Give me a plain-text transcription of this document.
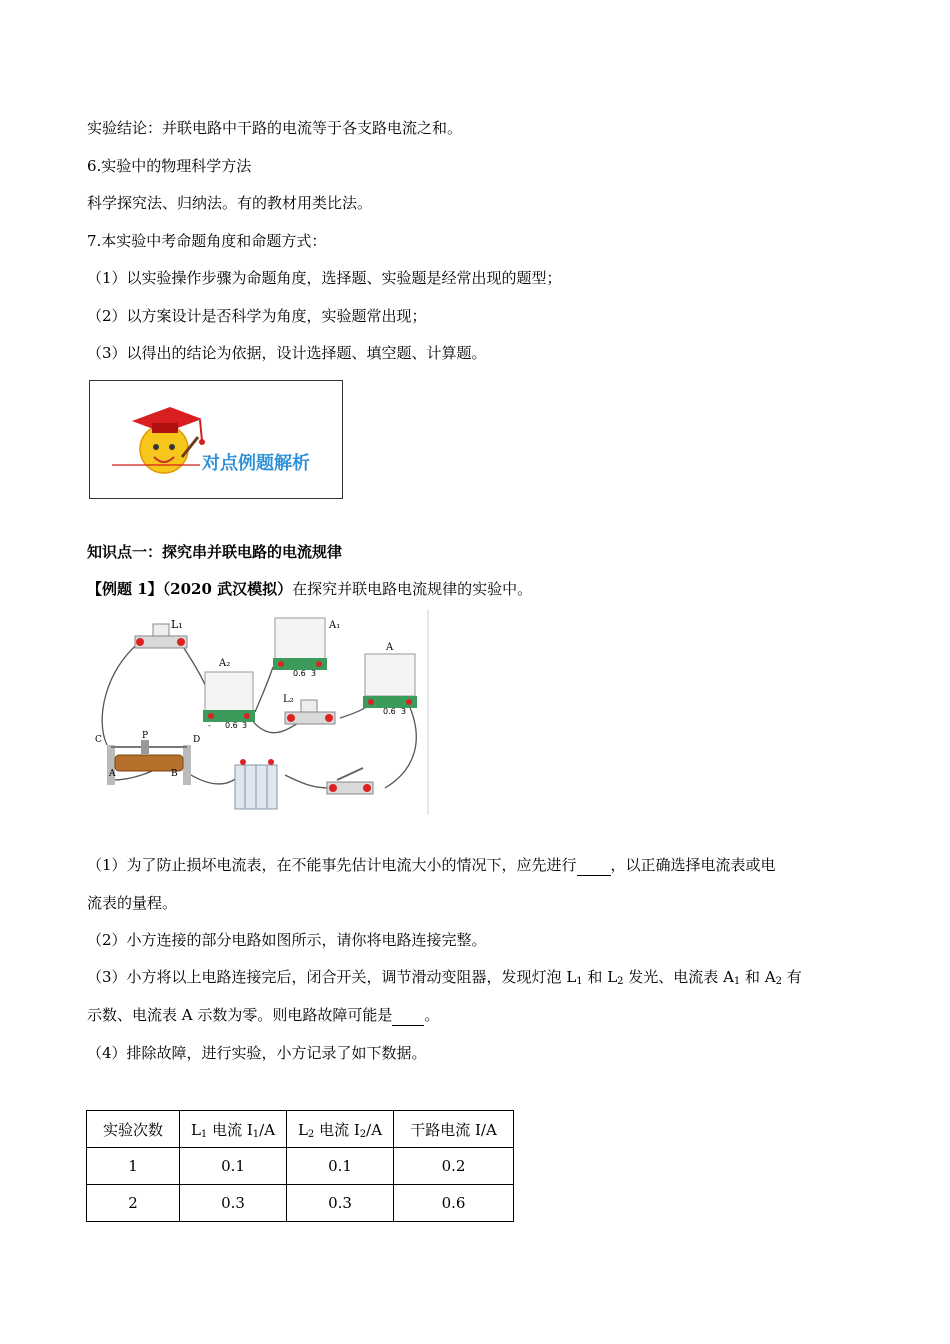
实验结论：并联电路中干路的电流等于各支路电流之和。
6.实验中的物理科学方法
科学探究法、归纳法。有的教材用类比法。
7.本实验中考命题角度和命题方式：
（1）以实验操作步骤为命题角度，选择题、实验题是经常出现的题型；
（2）以方案设计是否科学为角度，实验题常出现；
（3）以得出的结论为依据，设计选择题、填空题、计算题。
对点例题解析
知识点一：探究串并联电路的电流规律
【例题 1】（2020 武汉模拟）在探究并联电路电流规律的实验中。
L₁
A₂
- 0.6 3
A₁
0.6 3
A
0.6 3
L₂
C	D
P
A	B
（1）为了防止损坏电流表，在不能事先估计电流大小的情况下，应先进行 ，以正确选择电流表或电
流表的量程。
（2）小方连接的部分电路如图所示，请你将电路连接完整。
（3）小方将以上电路连接完后，闭合开关，调节滑动变阻器，发现灯泡 $L_1$ 和 $L_2$ 发光、电流表 $A_1$ 和 $A_2$ 有
示数、电流表 A 示数为零。则电路故障可能是 。
（4）排除故障，进行实验，小方记录了如下数据。
实验次数	$L_1$ 电流 $I_1/A$	$L_2$ 电流 $I_2/A$	干路电流 I/A
1	0.1	0.1	0.2
2	0.3	0.3	0.6
